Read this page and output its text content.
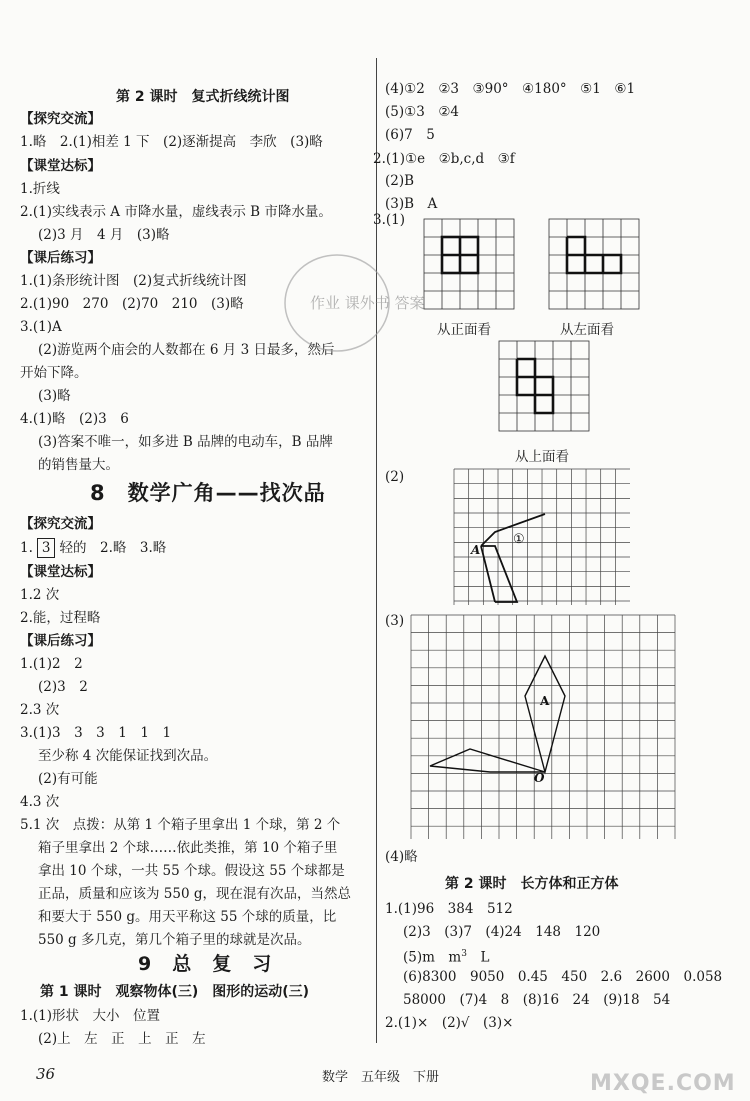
第 2 课时　复式折线统计图
【探究交流】
1.略　2.(1)相差 1 下　(2)逐渐提高　李欣　(3)略
【课堂达标】
1.折线
2.(1)实线表示 A 市降水量，虚线表示 B 市降水量。
(2)3 月　4 月　(3)略
【课后练习】
1.(1)条形统计图　(2)复式折线统计图
2.(1)90　270　(2)70　210　(3)略
3.(1)A
(2)游览两个庙会的人数都在 6 月 3 日最多，然后
开始下降。
(3)略
4.(1)略　(2)3　6
(3)答案不唯一，如多进 B 品牌的电动车，B 品牌
的销售量大。
8　数学广角——找次品
【探究交流】
1. 3 轻的　2.略　3.略
【课堂达标】
1.2 次
2.能，过程略
【课后练习】
1.(1)2　2
(2)3　2
2.3 次
3.(1)3　3　3　1　1　1
至少称 4 次能保证找到次品。
(2)有可能
4.3 次
5.1 次　点拨：从第 1 个箱子里拿出 1 个球，第 2 个
箱子里拿出 2 个球……依此类推，第 10 个箱子里
拿出 10 个球，一共 55 个球。假设这 55 个球都是
正品，质量和应该为 550 g，现在混有次品，当然总
和要大于 550 g。用天平称这 55 个球的质量，比
550 g 多几克，第几个箱子里的球就是次品。
9　总　复　习
第 1 课时　观察物体(三)　图形的运动(三)
1.(1)形状　大小　位置
(2)上　左　正　上　正　左
作业 课外书 答案
(4)①2　②3　③90°　④180°　⑤1　⑥1
(5)①3　②4
(6)7　5
2.(1)①e　②b,c,d　③f
(2)B
(3)B　A
3.(1)
从正面看	从左面看
从上面看
(2)
A
①
(3)
A
O
(4)略
第 2 课时　长方体和正方体
1.(1)96　384　512
(2)3　(3)7　(4)24　148　120
(5)m　$m^3$　L
(6)8300　9050　0.45　450　2.6　2600　0.058
58000　(7)4　8　(8)16　24　(9)18　54
2.(1)×　(2)√　(3)×
36	数学　五年级　下册	MXQE.COM
